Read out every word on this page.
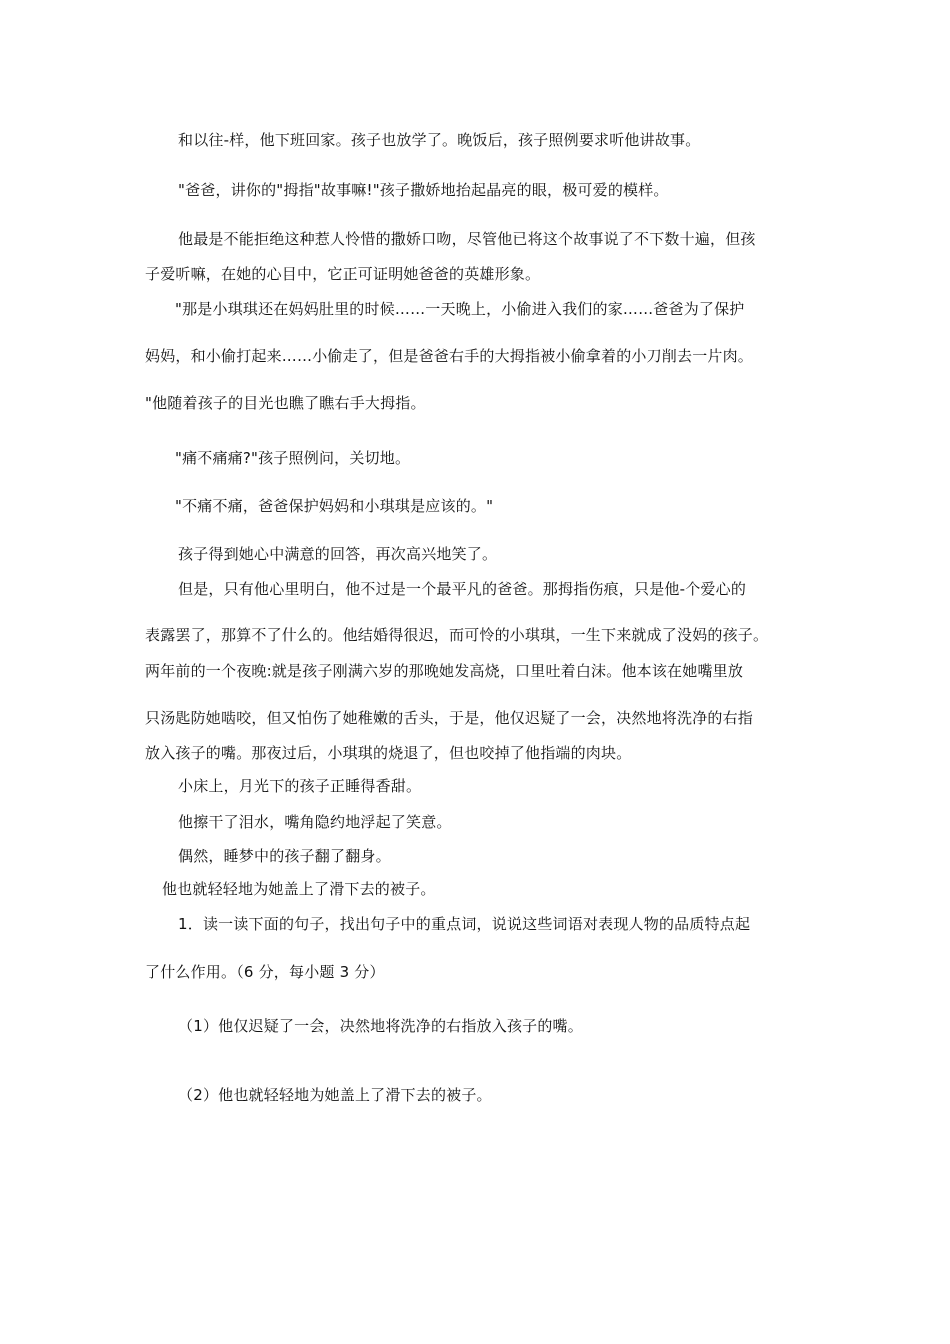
和以往-样，他下班回家。孩子也放学了。晚饭后，孩子照例要求听他讲故事。
"爸爸，讲你的"拇指"故事嘛!"孩子撒娇地抬起晶亮的眼，极可爱的模样。
他最是不能拒绝这种惹人怜惜的撒娇口吻，尽管他已将这个故事说了不下数十遍，但孩
子爱听嘛，在她的心目中，它正可证明她爸爸的英雄形象。
"那是小琪琪还在妈妈肚里的时候……一天晚上，小偷进入我们的家……爸爸为了保护
妈妈，和小偷打起来……小偷走了，但是爸爸右手的大拇指被小偷拿着的小刀削去一片肉。
"他随着孩子的目光也瞧了瞧右手大拇指。
"痛不痛痛?"孩子照例问，关切地。
"不痛不痛，爸爸保护妈妈和小琪琪是应该的。"
孩子得到她心中满意的回答，再次高兴地笑了。
但是，只有他心里明白，他不过是一个最平凡的爸爸。那拇指伤痕，只是他-个爱心的
表露罢了，那算不了什么的。他结婚得很迟，而可怜的小琪琪，一生下来就成了没妈的孩子。
两年前的一个夜晚:就是孩子刚满六岁的那晚她发高烧，口里吐着白沫。他本该在她嘴里放
只汤匙防她啮咬，但又怕伤了她稚嫩的舌头，于是，他仅迟疑了一会，决然地将洗净的右指
放入孩子的嘴。那夜过后，小琪琪的烧退了，但也咬掉了他指端的肉块。
小床上，月光下的孩子正睡得香甜。
他擦干了泪水，嘴角隐约地浮起了笑意。
偶然，睡梦中的孩子翻了翻身。
他也就轻轻地为她盖上了滑下去的被子。
1．读一读下面的句子，找出句子中的重点词，说说这些词语对表现人物的品质特点起
了什么作用。（6 分，每小题 3 分）
（1）他仅迟疑了一会，决然地将洗净的右指放入孩子的嘴。
（2）他也就轻轻地为她盖上了滑下去的被子。
